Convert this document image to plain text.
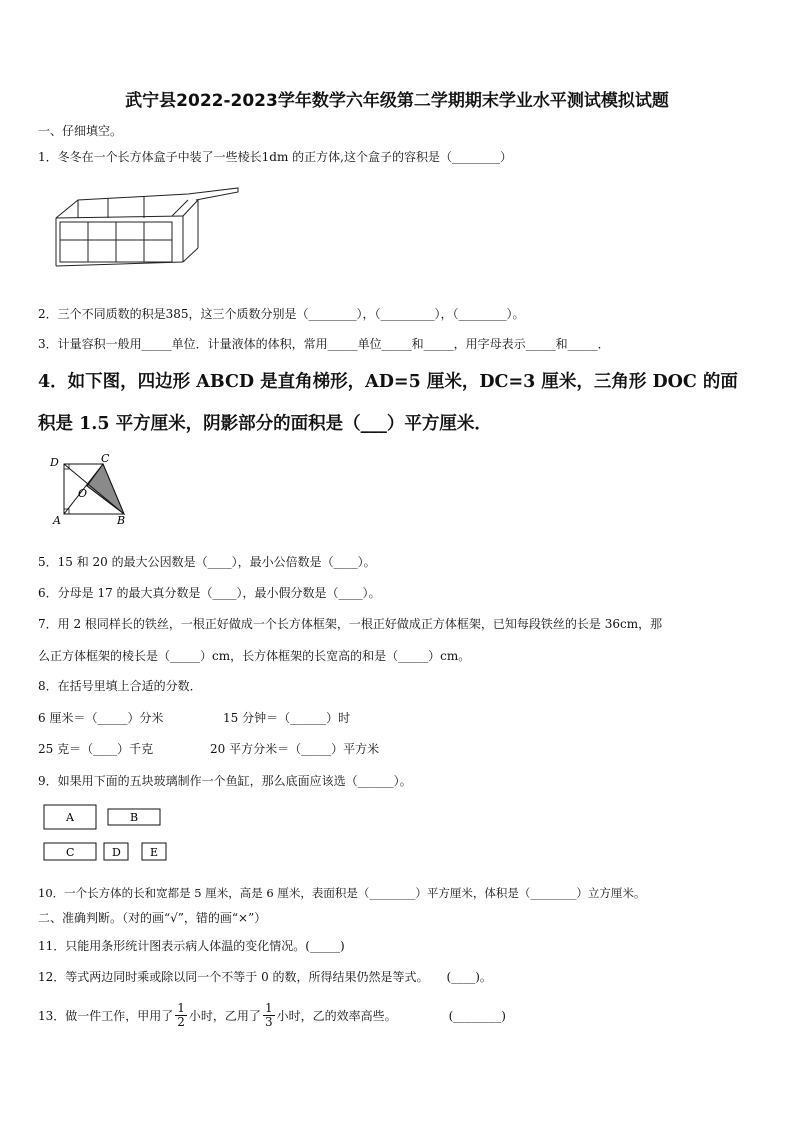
武宁县2022-2023学年数学六年级第二学期期末学业水平测试模拟试题
一、仔细填空。
1．冬冬在一个长方体盒子中装了一些棱长1dm 的正方体,这个盒子的容积是（________）
2．三个不同质数的积是385，这三个质数分别是（________），（_________），（________）。
3．计量容积一般用_____单位．计量液体的体积，常用_____单位_____和_____，用字母表示_____和_____．
4．如下图，四边形 ABCD 是直角梯形，AD=5 厘米，DC=3 厘米，三角形 DOC 的面
积是 1.5 平方厘米，阴影部分的面积是（___）平方厘米．
D	C
O
A	B
5．15 和 20 的最大公因数是（____），最小公倍数是（____）。
6．分母是 17 的最大真分数是（____），最小假分数是（____）。
7．用 2 根同样长的铁丝，一根正好做成一个长方体框架，一根正好做成正方体框架，已知每段铁丝的长是 36cm，那
么正方体框架的棱长是（_____）cm，长方体框架的长宽高的和是（_____）cm。
8．在括号里填上合适的分数．
6 厘米＝（_____）分米	15 分钟＝（______）时
25 克＝（____）千克	20 平方分米＝（_____）平方米
9．如果用下面的五块玻璃制作一个鱼缸，那么底面应该选（______）。
A	B
C	D	E
10．一个长方体的长和宽都是 5 厘米，高是 6 厘米，表面积是（________）平方厘米，体积是（________）立方厘米。
二、准确判断。（对的画“√”，错的画“×”）
11．只能用条形统计图表示病人体温的变化情况。(_____)
12．等式两边同时乘或除以同一个不等于 0 的数，所得结果仍然是等式。　　(____)。
13．做一件工作，甲用了 $\frac{1}{2}$ 小时，乙用了 $\frac{1}{3}$ 小时，乙的效率高些。	(________)
